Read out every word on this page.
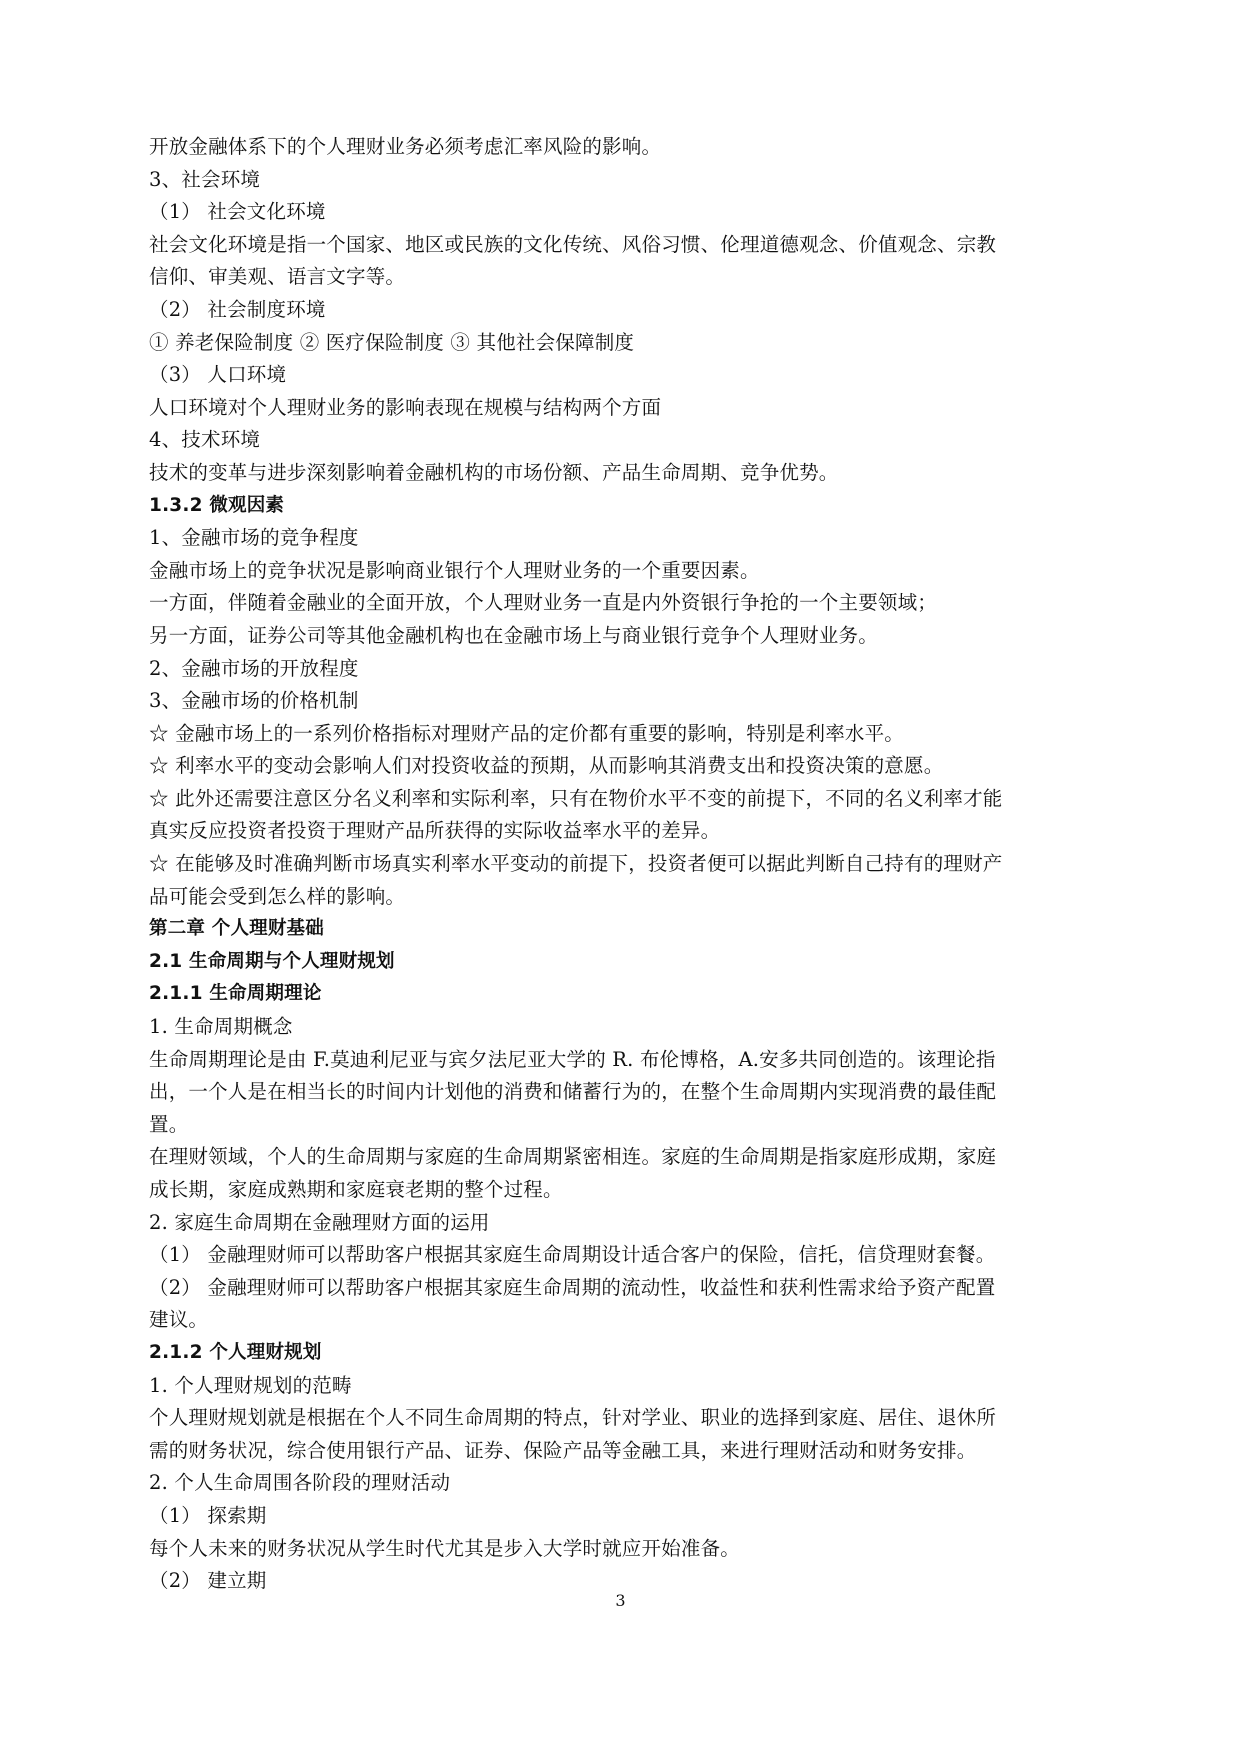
开放金融体系下的个人理财业务必须考虑汇率风险的影响。
3、社会环境
（1） 社会文化环境
社会文化环境是指一个国家、地区或民族的文化传统、风俗习惯、伦理道德观念、价值观念、宗教
信仰、审美观、语言文字等。
（2） 社会制度环境
① 养老保险制度 ② 医疗保险制度 ③ 其他社会保障制度
（3） 人口环境
人口环境对个人理财业务的影响表现在规模与结构两个方面
4、技术环境
技术的变革与进步深刻影响着金融机构的市场份额、产品生命周期、竞争优势。
1.3.2 微观因素
1、金融市场的竞争程度
金融市场上的竞争状况是影响商业银行个人理财业务的一个重要因素。
一方面，伴随着金融业的全面开放，个人理财业务一直是内外资银行争抢的一个主要领域；
另一方面，证券公司等其他金融机构也在金融市场上与商业银行竞争个人理财业务。
2、金融市场的开放程度
3、金融市场的价格机制
☆ 金融市场上的一系列价格指标对理财产品的定价都有重要的影响，特别是利率水平。
☆ 利率水平的变动会影响人们对投资收益的预期，从而影响其消费支出和投资决策的意愿。
☆ 此外还需要注意区分名义利率和实际利率，只有在物价水平不变的前提下，不同的名义利率才能
真实反应投资者投资于理财产品所获得的实际收益率水平的差异。
☆ 在能够及时准确判断市场真实利率水平变动的前提下，投资者便可以据此判断自己持有的理财产
品可能会受到怎么样的影响。
第二章 个人理财基础
2.1 生命周期与个人理财规划
2.1.1 生命周期理论
1. 生命周期概念
生命周期理论是由 F.莫迪利尼亚与宾夕法尼亚大学的 R. 布伦博格，A.安多共同创造的。该理论指
出，一个人是在相当长的时间内计划他的消费和储蓄行为的，在整个生命周期内实现消费的最佳配
置。
在理财领域，个人的生命周期与家庭的生命周期紧密相连。家庭的生命周期是指家庭形成期，家庭
成长期，家庭成熟期和家庭衰老期的整个过程。
2. 家庭生命周期在金融理财方面的运用
（1） 金融理财师可以帮助客户根据其家庭生命周期设计适合客户的保险，信托，信贷理财套餐。
（2） 金融理财师可以帮助客户根据其家庭生命周期的流动性，收益性和获利性需求给予资产配置
建议。
2.1.2 个人理财规划
1. 个人理财规划的范畴
个人理财规划就是根据在个人不同生命周期的特点，针对学业、职业的选择到家庭、居住、退休所
需的财务状况，综合使用银行产品、证券、保险产品等金融工具，来进行理财活动和财务安排。
2. 个人生命周围各阶段的理财活动
（1） 探索期
每个人未来的财务状况从学生时代尤其是步入大学时就应开始准备。
（2） 建立期
3
